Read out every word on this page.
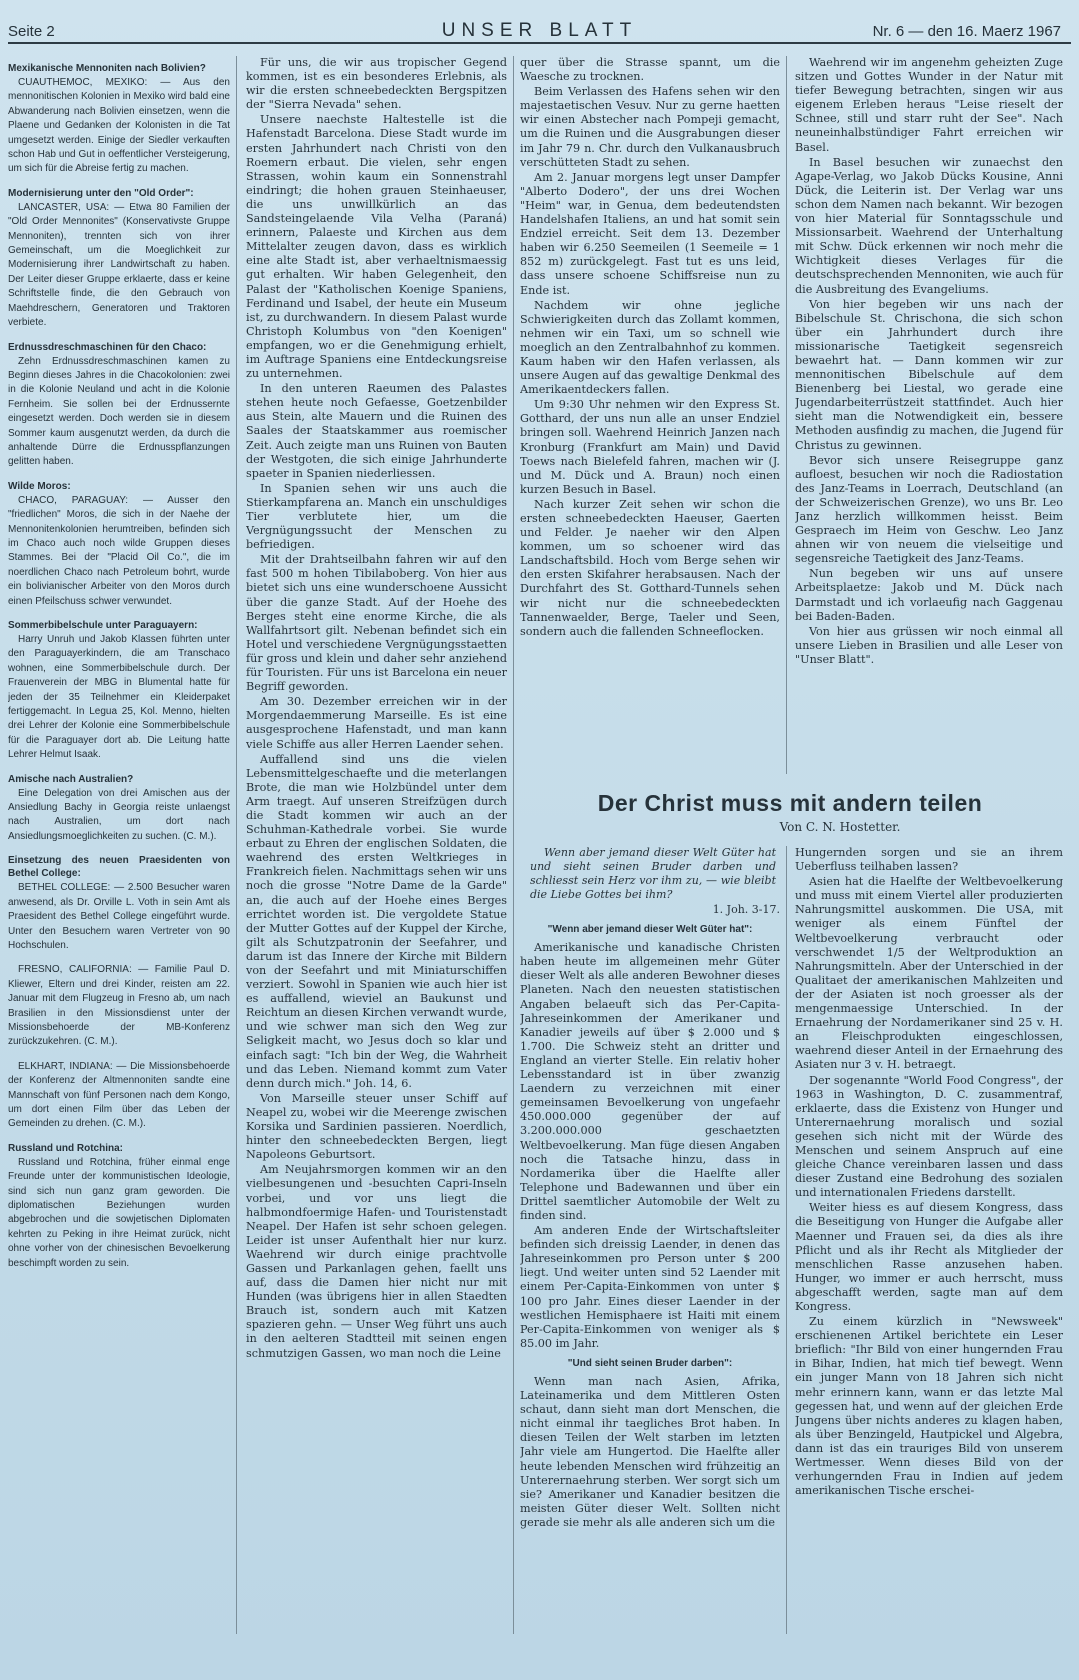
Seite 2	UNSER BLATT	Nr. 6 — den 16. Maerz 1967
Mexikanische Mennoniten nach Bolivien?

CUAUTHEMOC, MEXIKO: — Aus den mennonitischen Kolonien in Mexiko wird bald eine Abwanderung nach Bolivien einsetzen, wenn die Plaene und Gedanken der Kolonisten in die Tat umgesetzt werden. Einige der Siedler verkauften schon Hab und Gut in oeffentlicher Versteigerung, um sich für die Abreise fertig zu machen.

Modernisierung unter den "Old Order":

LANCASTER, USA: — Etwa 80 Familien der "Old Order Mennonites" (Konservativste Gruppe Mennoniten), trennten sich von ihrer Gemeinschaft, um die Moeglichkeit zur Modernisierung ihrer Landwirtschaft zu haben. Der Leiter dieser Gruppe erklaerte, dass er keine Schriftstelle finde, die den Gebrauch von Maehdreschern, Generatoren und Traktoren verbiete.

Erdnussdreschmaschinen für den Chaco:

Zehn Erdnussdreschmaschinen kamen zu Beginn dieses Jahres in die Chacokolonien: zwei in die Kolonie Neuland und acht in die Kolonie Fernheim. Sie sollen bei der Erdnussernte eingesetzt werden. Doch werden sie in diesem Sommer kaum ausgenutzt werden, da durch die anhaltende Dürre die Erdnusspflanzungen gelitten haben.

Wilde Moros:

CHACO, PARAGUAY: — Ausser den "friedlichen" Moros, die sich in der Naehe der Mennonitenkolonien herumtreiben, befinden sich im Chaco auch noch wilde Gruppen dieses Stammes. Bei der "Placid Oil Co.", die im noerdlichen Chaco nach Petroleum bohrt, wurde ein bolivianischer Arbeiter von den Moros durch einen Pfeilschuss schwer verwundet.

Sommerbibelschule unter Paraguayern:

Harry Unruh und Jakob Klassen führten unter den Paraguayerkindern, die am Transchaco wohnen, eine Sommerbibelschule durch. Der Frauenverein der MBG in Blumental hatte für jeden der 35 Teilnehmer ein Kleiderpaket fertiggemacht. In Legua 25, Kol. Menno, hielten drei Lehrer der Kolonie eine Sommerbibelschule für die Paraguayer dort ab. Die Leitung hatte Lehrer Helmut Isaak.

Amische nach Australien?

Eine Delegation von drei Amischen aus der Ansiedlung Bachy in Georgia reiste unlaengst nach Australien, um dort nach Ansiedlungsmoeglichkeiten zu suchen. (C. M.).

Einsetzung des neuen Praesidenten von Bethel College:

BETHEL COLLEGE: — 2.500 Besucher waren anwesend, als Dr. Orville L. Voth in sein Amt als Praesident des Bethel College eingeführt wurde. Unter den Besuchern waren Vertreter von 90 Hochschulen.

FRESNO, CALIFORNIA: — Familie Paul D. Kliewer, Eltern und drei Kinder, reisten am 22. Januar mit dem Flugzeug in Fresno ab, um nach Brasilien in den Missionsdienst unter der Missionsbehoerde der MB-Konferenz zurückzukehren. (C. M.).

ELKHART, INDIANA: — Die Missionsbehoerde der Konferenz der Altmennoniten sandte eine Mannschaft von fünf Personen nach dem Kongo, um dort einen Film über das Leben der Gemeinden zu drehen. (C. M.).

Russland und Rotchina:

Russland und Rotchina, früher einmal enge Freunde unter der kommunistischen Ideologie, sind sich nun ganz gram geworden. Die diplomatischen Beziehungen wurden abgebrochen und die sowjetischen Diplomaten kehrten zu Peking in ihre Heimat zurück, nicht ohne vorher von der chinesischen Bevoelkerung beschimpft worden zu sein.

Für uns, die wir aus tropischer Gegend kommen, ist es ein besonderes Erlebnis, als wir die ersten schneebedeckten Bergspitzen der "Sierra Nevada" sehen.

Unsere naechste Haltestelle ist die Hafenstadt Barcelona. Diese Stadt wurde im ersten Jahrhundert nach Christi von den Roemern erbaut. Die vielen, sehr engen Strassen, wohin kaum ein Sonnenstrahl eindringt; die hohen grauen Steinhaeuser, die uns unwillkürlich an das Sandsteingelaende Vila Velha (Paraná) erinnern, Palaeste und Kirchen aus dem Mittelalter zeugen davon, dass es wirklich eine alte Stadt ist, aber verhaeltnismaessig gut erhalten. Wir haben Gelegenheit, den Palast der "Katholischen Koenige Spaniens, Ferdinand und Isabel, der heute ein Museum ist, zu durchwandern. In diesem Palast wurde Christoph Kolumbus von "den Koenigen" empfangen, wo er die Genehmigung erhielt, im Auftrage Spaniens eine Entdeckungsreise zu unternehmen.

In den unteren Raeumen des Palastes stehen heute noch Gefaesse, Goetzenbilder aus Stein, alte Mauern und die Ruinen des Saales der Staatskammer aus roemischer Zeit. Auch zeigte man uns Ruinen von Bauten der Westgoten, die sich einige Jahrhunderte spaeter in Spanien niederliessen.

In Spanien sehen wir uns auch die Stierkampfarena an. Manch ein unschuldiges Tier verblutete hier, um die Vergnügungssucht der Menschen zu befriedigen.

Mit der Drahtseilbahn fahren wir auf den fast 500 m hohen Tibilaboberg. Von hier aus bietet sich uns eine wunderschoene Aussicht über die ganze Stadt. Auf der Hoehe des Berges steht eine enorme Kirche, die als Wallfahrtsort gilt. Nebenan befindet sich ein Hotel und verschiedene Vergnügungsstaetten für gross und klein und daher sehr anziehend für Touristen. Für uns ist Barcelona ein neuer Begriff geworden.

Am 30. Dezember erreichen wir in der Morgendaemmerung Marseille. Es ist eine ausgesprochene Hafenstadt, und man kann viele Schiffe aus aller Herren Laender sehen.

Auffallend sind uns die vielen Lebensmittelgeschaefte und die meterlangen Brote, die man wie Holzbündel unter dem Arm traegt. Auf unseren Streifzügen durch die Stadt kommen wir auch an der Schuhman-Kathedrale vorbei. Sie wurde erbaut zu Ehren der englischen Soldaten, die waehrend des ersten Weltkrieges in Frankreich fielen. Nachmittags sehen wir uns noch die grosse "Notre Dame de la Garde" an, die auch auf der Hoehe eines Berges errichtet worden ist. Die vergoldete Statue der Mutter Gottes auf der Kuppel der Kirche, gilt als Schutzpatronin der Seefahrer, und darum ist das Innere der Kirche mit Bildern von der Seefahrt und mit Miniaturschiffen verziert. Sowohl in Spanien wie auch hier ist es auffallend, wieviel an Baukunst und Reichtum an diesen Kirchen verwandt wurde, und wie schwer man sich den Weg zur Seligkeit macht, wo Jesus doch so klar und einfach sagt: "Ich bin der Weg, die Wahrheit und das Leben. Niemand kommt zum Vater denn durch mich." Joh. 14, 6.

Von Marseille steuer unser Schiff auf Neapel zu, wobei wir die Meerenge zwischen Korsika und Sardinien passieren. Noerdlich, hinter den schneebedeckten Bergen, liegt Napoleons Geburtsort.

Am Neujahrsmorgen kommen wir an den vielbesungenen und -besuchten Capri-Inseln vorbei, und vor uns liegt die halbmondfoermige Hafen- und Touristenstadt Neapel. Der Hafen ist sehr schoen gelegen. Leider ist unser Aufenthalt hier nur kurz. Waehrend wir durch einige prachtvolle Gassen und Parkanlagen gehen, faellt uns auf, dass die Damen hier nicht nur mit Hunden (was übrigens hier in allen Staedten Brauch ist, sondern auch mit Katzen spazieren gehn. — Unser Weg führt uns auch in den aelteren Stadtteil mit seinen engen schmutzigen Gassen, wo man noch die Leine

quer über die Strasse spannt, um die Waesche zu trocknen.

Beim Verlassen des Hafens sehen wir den majestaetischen Vesuv. Nur zu gerne haetten wir einen Abstecher nach Pompeji gemacht, um die Ruinen und die Ausgrabungen dieser im Jahr 79 n. Chr. durch den Vulkanausbruch verschütteten Stadt zu sehen.

Am 2. Januar morgens legt unser Dampfer "Alberto Dodero", der uns drei Wochen "Heim" war, in Genua, dem bedeutendsten Handelshafen Italiens, an und hat somit sein Endziel erreicht. Seit dem 13. Dezember haben wir 6.250 Seemeilen (1 Seemeile = 1 852 m) zurückgelegt. Fast tut es uns leid, dass unsere schoene Schiffsreise nun zu Ende ist.

Nachdem wir ohne jegliche Schwierigkeiten durch das Zollamt kommen, nehmen wir ein Taxi, um so schnell wie moeglich an den Zentralbahnhof zu kommen. Kaum haben wir den Hafen verlassen, als unsere Augen auf das gewaltige Denkmal des Amerikaentdeckers fallen.

Um 9:30 Uhr nehmen wir den Express St. Gotthard, der uns nun alle an unser Endziel bringen soll. Waehrend Heinrich Janzen nach Kronburg (Frankfurt am Main) und David Toews nach Bielefeld fahren, machen wir (J. und M. Dück und A. Braun) noch einen kurzen Besuch in Basel.

Nach kurzer Zeit sehen wir schon die ersten schneebedeckten Haeuser, Gaerten und Felder. Je naeher wir den Alpen kommen, um so schoener wird das Landschaftsbild. Hoch vom Berge sehen wir den ersten Skifahrer herabsausen. Nach der Durchfahrt des St. Gotthard-Tunnels sehen wir nicht nur die schneebedeckten Tannenwaelder, Berge, Taeler und Seen, sondern auch die fallenden Schneeflocken.

Waehrend wir im angenehm geheizten Zuge sitzen und Gottes Wunder in der Natur mit tiefer Bewegung betrachten, singen wir aus eigenem Erleben heraus "Leise rieselt der Schnee, still und starr ruht der See". Nach neuneinhalbstündiger Fahrt erreichen wir Basel.

In Basel besuchen wir zunaechst den Agape-Verlag, wo Jakob Dücks Kousine, Anni Dück, die Leiterin ist. Der Verlag war uns schon dem Namen nach bekannt. Wir bezogen von hier Material für Sonntagsschule und Missionsarbeit. Waehrend der Unterhaltung mit Schw. Dück erkennen wir noch mehr die Wichtigkeit dieses Verlages für die deutschsprechenden Mennoniten, wie auch für die Ausbreitung des Evangeliums.

Von hier begeben wir uns nach der Bibelschule St. Chrischona, die sich schon über ein Jahrhundert durch ihre missionarische Taetigkeit segensreich bewaehrt hat. — Dann kommen wir zur mennonitischen Bibelschule auf dem Bienenberg bei Liestal, wo gerade eine Jugendarbeiterrüstzeit stattfindet. Auch hier sieht man die Notwendigkeit ein, bessere Methoden ausfindig zu machen, die Jugend für Christus zu gewinnen.

Bevor sich unsere Reisegruppe ganz aufloest, besuchen wir noch die Radiostation des Janz-Teams in Loerrach, Deutschland (an der Schweizerischen Grenze), wo uns Br. Leo Janz herzlich willkommen heisst. Beim Gespraech im Heim von Geschw. Leo Janz ahnen wir von neuem die vielseitige und segensreiche Taetigkeit des Janz-Teams.

Nun begeben wir uns auf unsere Arbeitsplaetze: Jakob und M. Dück nach Darmstadt und ich vorlaeufig nach Gaggenau bei Baden-Baden.

Von hier aus grüssen wir noch einmal all unsere Lieben in Brasilien und alle Leser von "Unser Blatt".

Der Christ muss mit andern teilen
Von C. N. Hostetter.

Wenn aber jemand dieser Welt Güter hat und sieht seinen Bruder darben und schliesst sein Herz vor ihm zu, — wie bleibt die Liebe Gottes bei ihm?

1. Joh. 3-17.

"Wenn aber jemand dieser Welt Güter hat":

Amerikanische und kanadische Christen haben heute im allgemeinen mehr Güter dieser Welt als alle anderen Bewohner dieses Planeten. Nach den neuesten statistischen Angaben belaeuft sich das Per-Capita-Jahreseinkommen der Amerikaner und Kanadier jeweils auf über $ 2.000 und $ 1.700. Die Schweiz steht an dritter und England an vierter Stelle. Ein relativ hoher Lebensstandard ist in über zwanzig Laendern zu verzeichnen mit einer gemeinsamen Bevoelkerung von ungefaehr 450.000.000 gegenüber der auf 3.200.000.000 geschaetzten Weltbevoelkerung. Man füge diesen Angaben noch die Tatsache hinzu, dass in Nordamerika über die Haelfte aller Telephone und Badewannen und über ein Drittel saemtlicher Automobile der Welt zu finden sind.

Am anderen Ende der Wirtschaftsleiter befinden sich dreissig Laender, in denen das Jahreseinkommen pro Person unter $ 200 liegt. Und weiter unten sind 52 Laender mit einem Per-Capita-Einkommen von unter $ 100 pro Jahr. Eines dieser Laender in der westlichen Hemisphaere ist Haiti mit einem Per-Capita-Einkommen von weniger als $ 85.00 im Jahr.

"Und sieht seinen Bruder darben":

Wenn man nach Asien, Afrika, Lateinamerika und dem Mittleren Osten schaut, dann sieht man dort Menschen, die nicht einmal ihr taegliches Brot haben. In diesen Teilen der Welt starben im letzten Jahr viele am Hungertod. Die Haelfte aller heute lebenden Menschen wird frühzeitig an Unterernaehrung sterben. Wer sorgt sich um sie? Amerikaner und Kanadier besitzen die meisten Güter dieser Welt. Sollten nicht gerade sie mehr als alle anderen sich um die

Hungernden sorgen und sie an ihrem Ueberfluss teilhaben lassen?

Asien hat die Haelfte der Weltbevoelkerung und muss mit einem Viertel aller produzierten Nahrungsmittel auskommen. Die USA, mit weniger als einem Fünftel der Weltbevoelkerung verbraucht oder verschwendet 1/5 der Weltproduktion an Nahrungsmitteln. Aber der Unterschied in der Qualitaet der amerikanischen Mahlzeiten und der der Asiaten ist noch groesser als der mengenmaessige Unterschied. In der Ernaehrung der Nordamerikaner sind 25 v. H. an Fleischprodukten eingeschlossen, waehrend dieser Anteil in der Ernaehrung des Asiaten nur 3 v. H. betraegt.

Der sogenannte "World Food Congress", der 1963 in Washington, D. C. zusammentraf, erklaerte, dass die Existenz von Hunger und Unterernaehrung moralisch und sozial gesehen sich nicht mit der Würde des Menschen und seinem Anspruch auf eine gleiche Chance vereinbaren lassen und dass dieser Zustand eine Bedrohung des sozialen und internationalen Friedens darstellt.

Weiter hiess es auf diesem Kongress, dass die Beseitigung von Hunger die Aufgabe aller Maenner und Frauen sei, da dies als ihre Pflicht und als ihr Recht als Mitglieder der menschlichen Rasse anzusehen haben. Hunger, wo immer er auch herrscht, muss abgeschafft werden, sagte man auf dem Kongress.

Zu einem kürzlich in "Newsweek" erschienenen Artikel berichtete ein Leser brieflich: "Ihr Bild von einer hungernden Frau in Bihar, Indien, hat mich tief bewegt. Wenn ein junger Mann von 18 Jahren sich nicht mehr erinnern kann, wann er das letzte Mal gegessen hat, und wenn auf der gleichen Erde Jungens über nichts anderes zu klagen haben, als über Benzingeld, Hautpickel und Algebra, dann ist das ein trauriges Bild von unserem Wertmesser. Wenn dieses Bild von der verhungernden Frau in Indien auf jedem amerikanischen Tische erschei-
